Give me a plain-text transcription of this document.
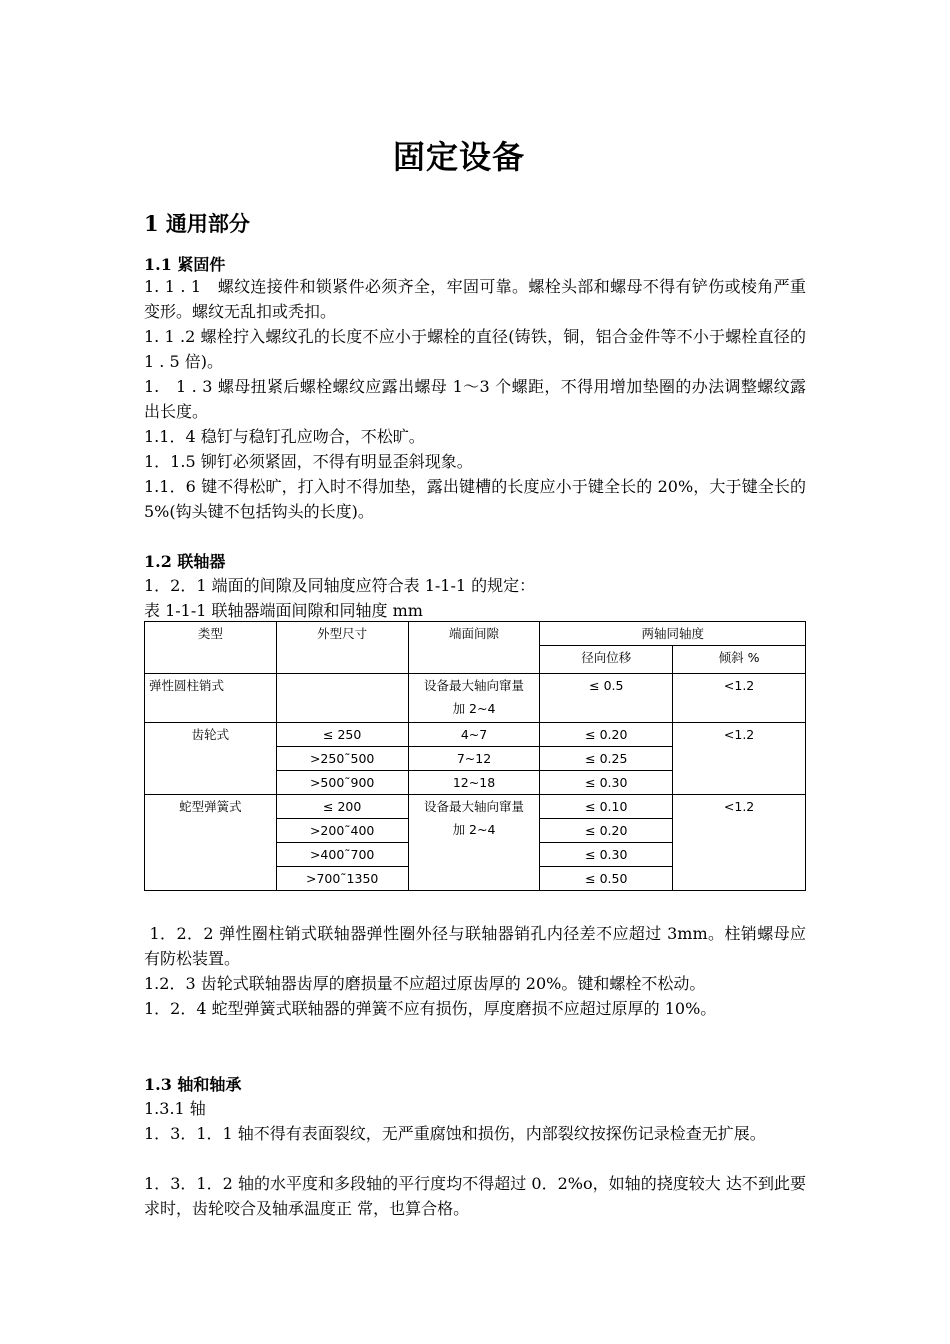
固定设备
1 通用部分
1.1 紧固件
1. 1 . 1　螺纹连接件和锁紧件必须齐全，牢固可靠。螺栓头部和螺母不得有铲伤或棱角严重变形。螺纹无乱扣或秃扣。
1. 1 .2 螺栓拧入螺纹孔的长度不应小于螺栓的直径(铸铁，铜，铝合金件等不小于螺栓直径的 1 . 5 倍)。
1.　1 . 3 螺母扭紧后螺栓螺纹应露出螺母 1～3 个螺距，不得用增加垫圈的办法调整螺纹露出长度。
1.1．4 稳钉与稳钉孔应吻合，不松旷。
1．1.5 铆钉必须紧固，不得有明显歪斜现象。
1.1．6 键不得松旷，打入时不得加垫，露出键槽的长度应小于键全长的 20%，大于键全长的 5%(钩头键不包括钩头的长度)。
1.2 联轴器
1．2．1 端面的间隙及同轴度应符合表 1-1-1 的规定：
表 1-1-1 联轴器端面间隙和同轴度 mm
类型	外型尺寸	端面间隙	两轴同轴度	
			径向位移	倾斜 %
弹性圆柱销式		设备最大轴向窜量
加 2~4	≤ 0.5	<1.2
齿轮式	≤ 250	4~7	≤ 0.20	<1.2
	>250˜500	7~12	≤ 0.25	
	>500˜900	12~18	≤ 0.30	
蛇型弹簧式	≤ 200	设备最大轴向窜量
加 2~4	≤ 0.10	<1.2
	>200˜400		≤ 0.20	
	>400˜700		≤ 0.30	
	>700˜1350		≤ 0.50	
1．2．2 弹性圈柱销式联轴器弹性圈外径与联轴器销孔内径差不应超过 3mm。柱销螺母应有防松装置。
1.2．3 齿轮式联轴器齿厚的磨损量不应超过原齿厚的 20%。键和螺栓不松动。
1．2．4 蛇型弹簧式联轴器的弹簧不应有损伤，厚度磨损不应超过原厚的 10%。
1.3 轴和轴承
1.3.1 轴
1．3．1．1 轴不得有表面裂纹，无严重腐蚀和损伤，内部裂纹按探伤记录检查无扩展。
1．3．1．2 轴的水平度和多段轴的平行度均不得超过 0．2%o，如轴的挠度较大 达不到此要求时，齿轮咬合及轴承温度正 常，也算合格。
